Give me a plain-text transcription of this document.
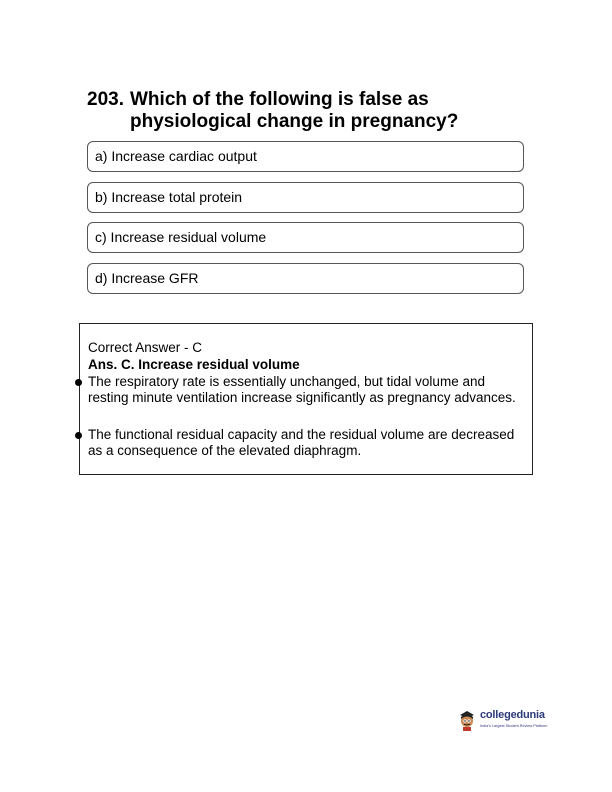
203. Which of the following is false as physiological change in pregnancy?
a) Increase cardiac output
b) Increase total protein
c) Increase residual volume
d) Increase GFR
Correct Answer - C
Ans. C. Increase residual volume
The respiratory rate is essentially unchanged, but tidal volume and resting minute ventilation increase significantly as pregnancy advances.
The functional residual capacity and the residual volume are decreased as a consequence of the elevated diaphragm.
collegedunia
India's Largest Student Review Platform
